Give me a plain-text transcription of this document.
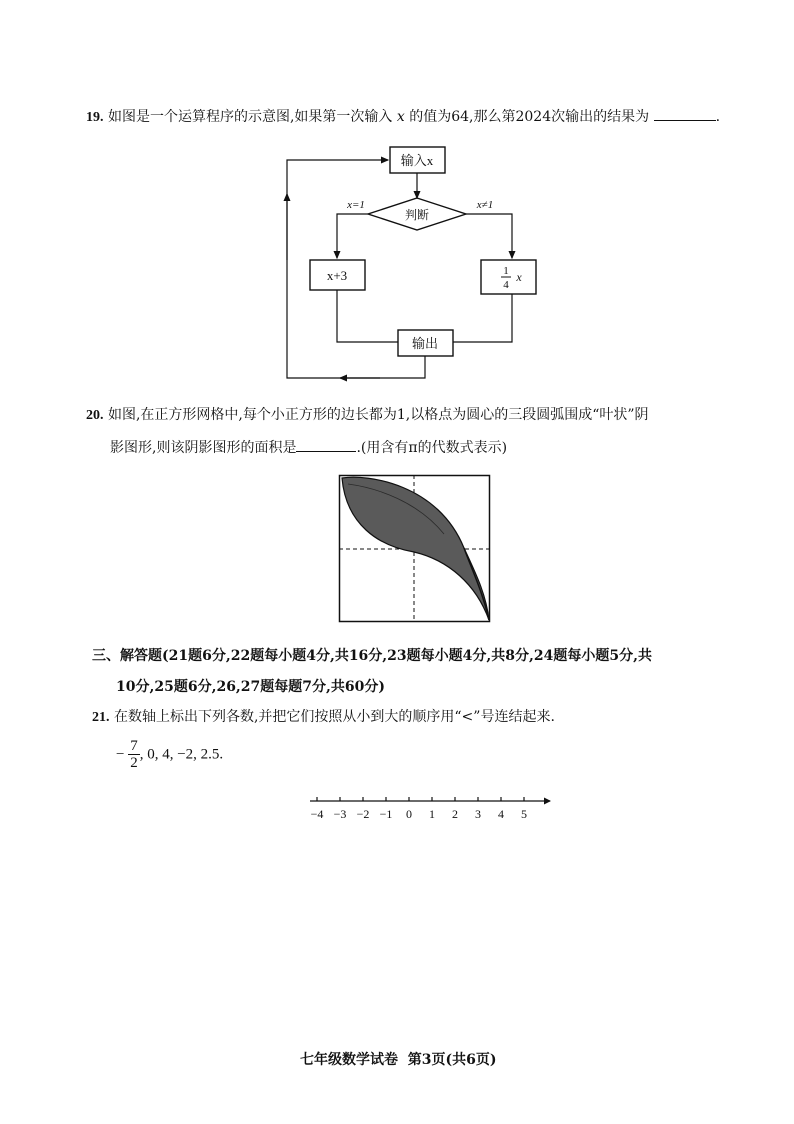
19. 如图是一个运算程序的示意图,如果第一次输入 x 的值为64,那么第2024次输出的结果为	.
输入x
判断
x=1	x≠1
x+3	1
4
x
输出
20. 如图,在正方形网格中,每个小正方形的边长都为1,以格点为圆心的三段圆弧围成“叶状”阴
影图形,则该阴影图形的面积是	.(用含有π的代数式表示)
三、解答题(21题6分,22题每小题4分,共16分,23题每小题4分,共8分,24题每小题5分,共
10分,25题6分,26,27题每题7分,共60分)
21. 在数轴上标出下列各数,并把它们按照从小到大的顺序用“<”号连结起来.
− $\frac{7}{2}$ , 0, 4, −2, 2.5.
−4 −3 −2 −1 0 1 2 3 4 5
七年级数学试卷  第3页(共6页)
